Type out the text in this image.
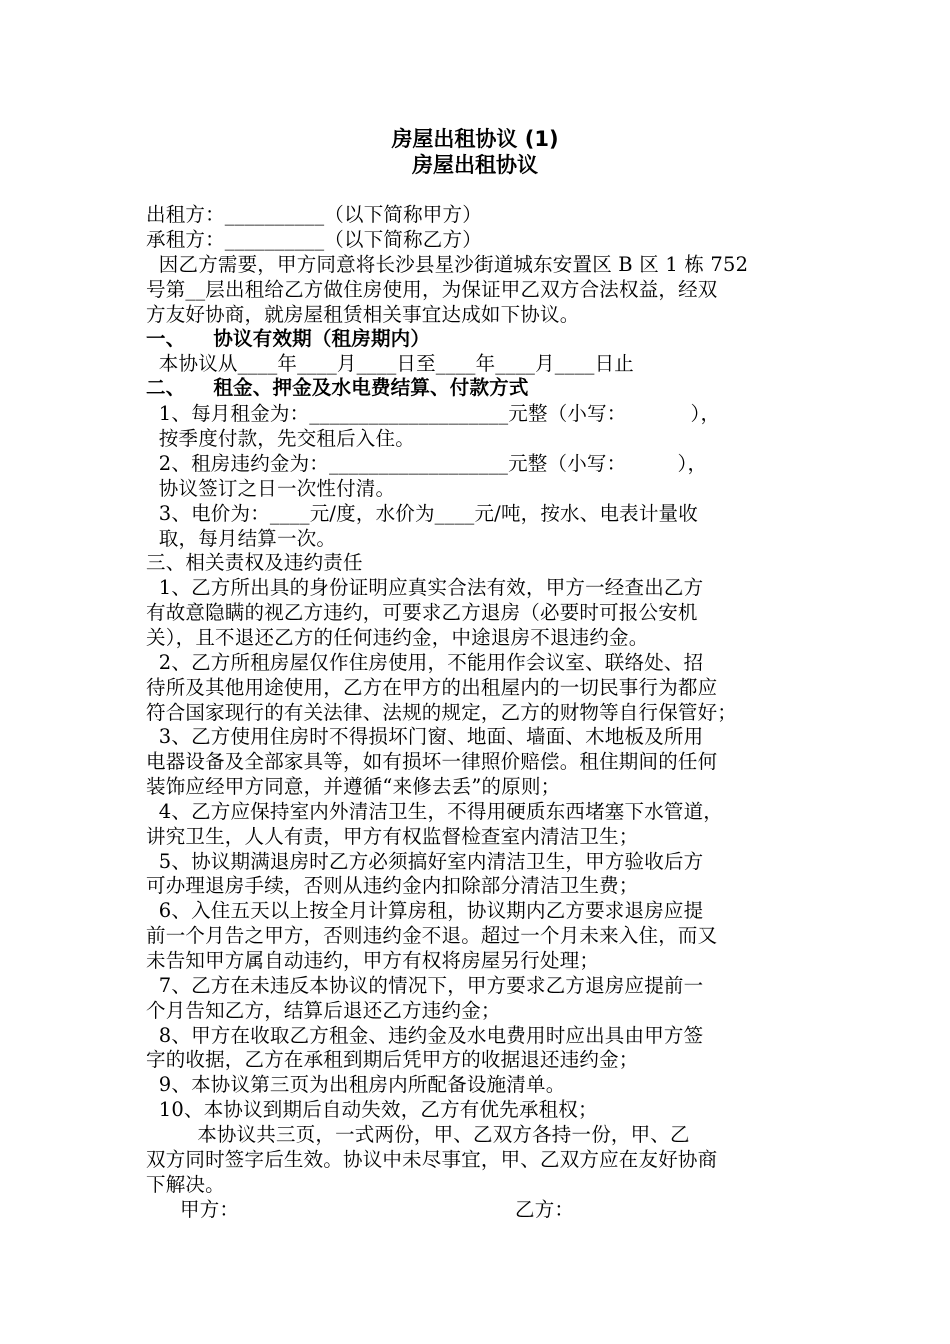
房屋出租协议 (1)
房屋出租协议
出租方：__________（以下简称甲方）
承租方：__________（以下简称乙方）
因乙方需要，甲方同意将长沙县星沙街道城东安置区 B 区 1 栋 752
号第__层出租给乙方做住房使用，为保证甲乙双方合法权益，经双
方友好协商，就房屋租赁相关事宜达成如下协议。
一、    协议有效期（租房期内）
本协议从____年____月____日至____年____月____日止
二、    租金、押金及水电费结算、付款方式
1、每月租金为：____________________元整（小写：          ），
按季度付款，先交租后入住。
2、租房违约金为：__________________元整（小写：        ），
协议签订之日一次性付清。
3、电价为：____元/度，水价为____元/吨，按水、电表计量收
取，每月结算一次。
三、相关责权及违约责任
1、乙方所出具的身份证明应真实合法有效，甲方一经查出乙方
有故意隐瞒的视乙方违约，可要求乙方退房（必要时可报公安机
关），且不退还乙方的任何违约金，中途退房不退违约金。
2、乙方所租房屋仅作住房使用，不能用作会议室、联络处、招
待所及其他用途使用，乙方在甲方的出租屋内的一切民事行为都应
符合国家现行的有关法律、法规的规定，乙方的财物等自行保管好；
3、乙方使用住房时不得损坏门窗、地面、墙面、木地板及所用
电器设备及全部家具等，如有损坏一律照价赔偿。租住期间的任何
装饰应经甲方同意，并遵循“来修去丢”的原则；
4、乙方应保持室内外清洁卫生，不得用硬质东西堵塞下水管道，
讲究卫生，人人有责，甲方有权监督检查室内清洁卫生；
5、协议期满退房时乙方必须搞好室内清洁卫生，甲方验收后方
可办理退房手续，否则从违约金内扣除部分清洁卫生费；
6、入住五天以上按全月计算房租，协议期内乙方要求退房应提
前一个月告之甲方，否则违约金不退。超过一个月未来入住，而又
未告知甲方属自动违约，甲方有权将房屋另行处理；
7、乙方在未违反本协议的情况下，甲方要求乙方退房应提前一
个月告知乙方，结算后退还乙方违约金；
8、甲方在收取乙方租金、违约金及水电费用时应出具由甲方签
字的收据，乙方在承租到期后凭甲方的收据退还违约金；
9、本协议第三页为出租房内所配备设施清单。
10、本协议到期后自动失效，乙方有优先承租权；
本协议共三页，一式两份，甲、乙双方各持一份，甲、乙
双方同时签字后生效。协议中未尽事宜，甲、乙双方应在友好协商
下解决。
甲方：	乙方：
